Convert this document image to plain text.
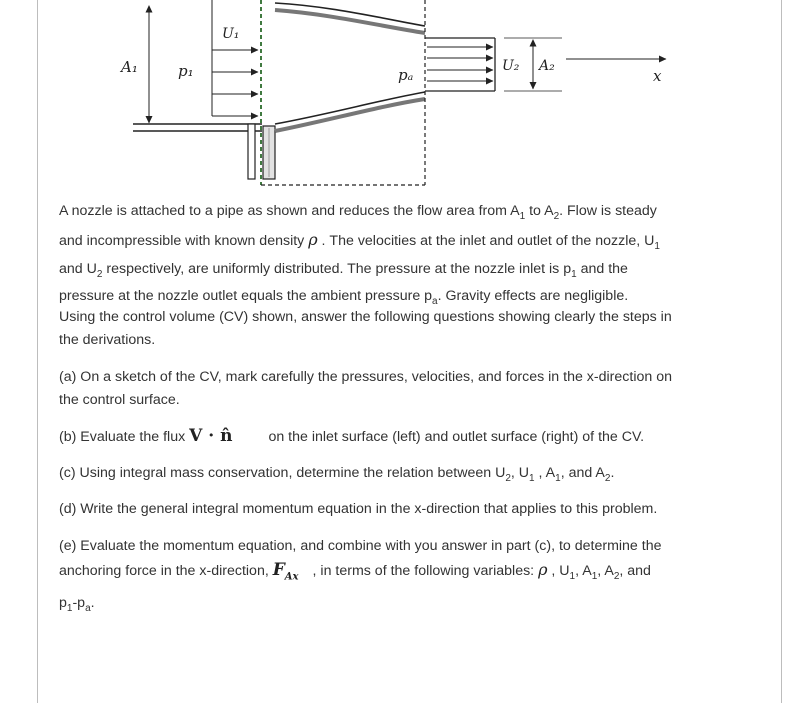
A₁	p₁
U₁
pₐ	U₂ A₂
x
A nozzle is attached to a pipe as shown and reduces the flow area from $A_1$ to $A_2$. Flow is steady
and incompressible with known density ρ . The velocities at the inlet and outlet of the nozzle, $U_1$
and $U_2$ respectively, are uniformly distributed. The pressure at the nozzle inlet is $p_1$ and the
pressure at the nozzle outlet equals the ambient pressure $p_a$. Gravity effects are negligible.
Using the control volume (CV) shown, answer the following questions showing clearly the steps in
the derivations.
(a) On a sketch of the CV, mark carefully the pressures, velocities, and forces in the x-direction on
the control surface.
(b) Evaluate the flux V · n̂	on the inlet surface (left) and outlet surface (right) of the CV.
(c) Using integral mass conservation, determine the relation between $U_2$, $U_1$ , $A_1$, and $A_2$.
(d) Write the general integral momentum equation in the x-direction that applies to this problem.
(e) Evaluate the momentum equation, and combine with you answer in part (c), to determine the
anchoring force in the x-direction, $F_{Ax}$ , in terms of the following variables: ρ , $U_1$, $A_1$, $A_2$, and
$p_1-p_a$.
